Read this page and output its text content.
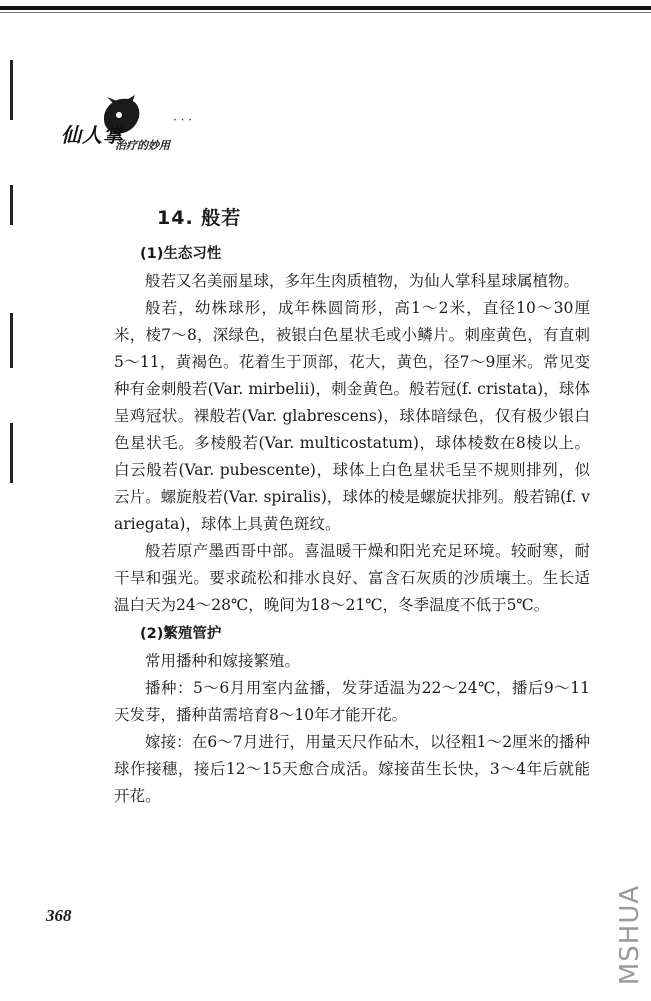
· · ·
仙人掌
治疗的妙用
14. 般若
(1)生态习性

般若又名美丽星球，多年生肉质植物，为仙人掌科星球属植物。

般若，幼株球形，成年株圆筒形，高1～2米，直径10～30厘米，棱7～8，深绿色，被银白色星状毛或小鳞片。刺座黄色，有直刺5～11，黄褐色。花着生于顶部，花大，黄色，径7～9厘米。常见变种有金刺般若(Var. mirbelii)，刺金黄色。般若冠(f. cristata)，球体呈鸡冠状。裸般若(Var. glabrescens)，球体暗绿色，仅有极少银白色星状毛。多棱般若(Var. multicostatum)，球体棱数在8棱以上。白云般若(Var. pubescente)，球体上白色星状毛呈不规则排列，似云片。螺旋般若(Var. spiralis)，球体的棱是螺旋状排列。般若锦(f. variegata)，球体上具黄色斑纹。

般若原产墨西哥中部。喜温暖干燥和阳光充足环境。较耐寒，耐干旱和强光。要求疏松和排水良好、富含石灰质的沙质壤土。生长适温白天为24～28℃，晚间为18～21℃，冬季温度不低于5℃。

(2)繁殖管护

常用播种和嫁接繁殖。

播种：5～6月用室内盆播，发芽适温为22～24℃，播后9～11天发芽，播种苗需培育8～10年才能开花。

嫁接：在6～7月进行，用量天尺作砧木，以径粗1～2厘米的播种球作接穗，接后12～15天愈合成活。嫁接苗生长快，3～4年后就能开花。

368	MSHUA
